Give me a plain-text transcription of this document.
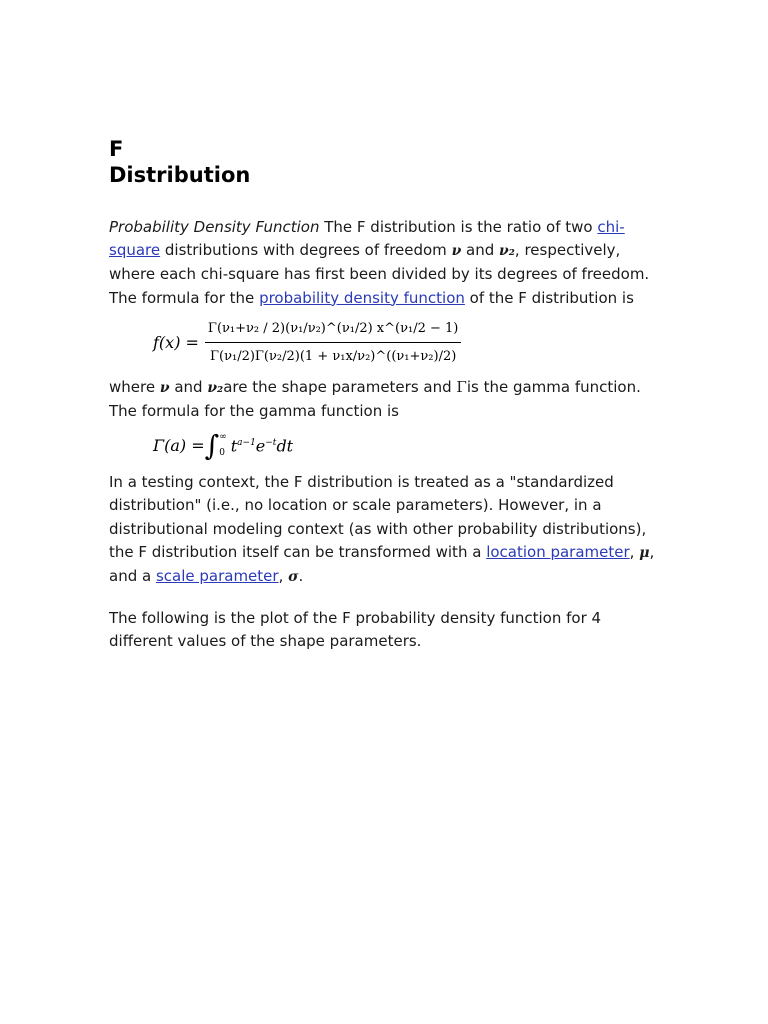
F Distribution

Probability Density Function The F distribution is the ratio of two chi-square distributions with degrees of freedom ν and ν₂, respectively, where each chi-square has first been divided by its degrees of freedom. The formula for the probability density function of the F distribution is

$f(x) = \frac{\text{Γ(ν₁+ν₂ / 2)(ν₁/ν₂)\textasciicircum{}(ν₁/2) x\textasciicircum{}(ν₁/2 − 1)}}{\text{Γ(ν₁/2)Γ(ν₂/2)(1 + ν₁x/ν₂)\textasciicircum{}((ν₁+ν₂)/2)}}$

where ν and ν₂are the shape parameters and Γis the gamma function. The formula for the gamma function is

Γ(a) = ∫ ∞
0 $t^{a-1}e^{-t}dt$

In a testing context, the F distribution is treated as a "standardized distribution" (i.e., no location or scale parameters). However, in a distributional modeling context (as with other probability distributions), the F distribution itself can be transformed with a location parameter, μ, and a scale parameter, σ.

The following is the plot of the F probability density function for 4 different values of the shape parameters.
